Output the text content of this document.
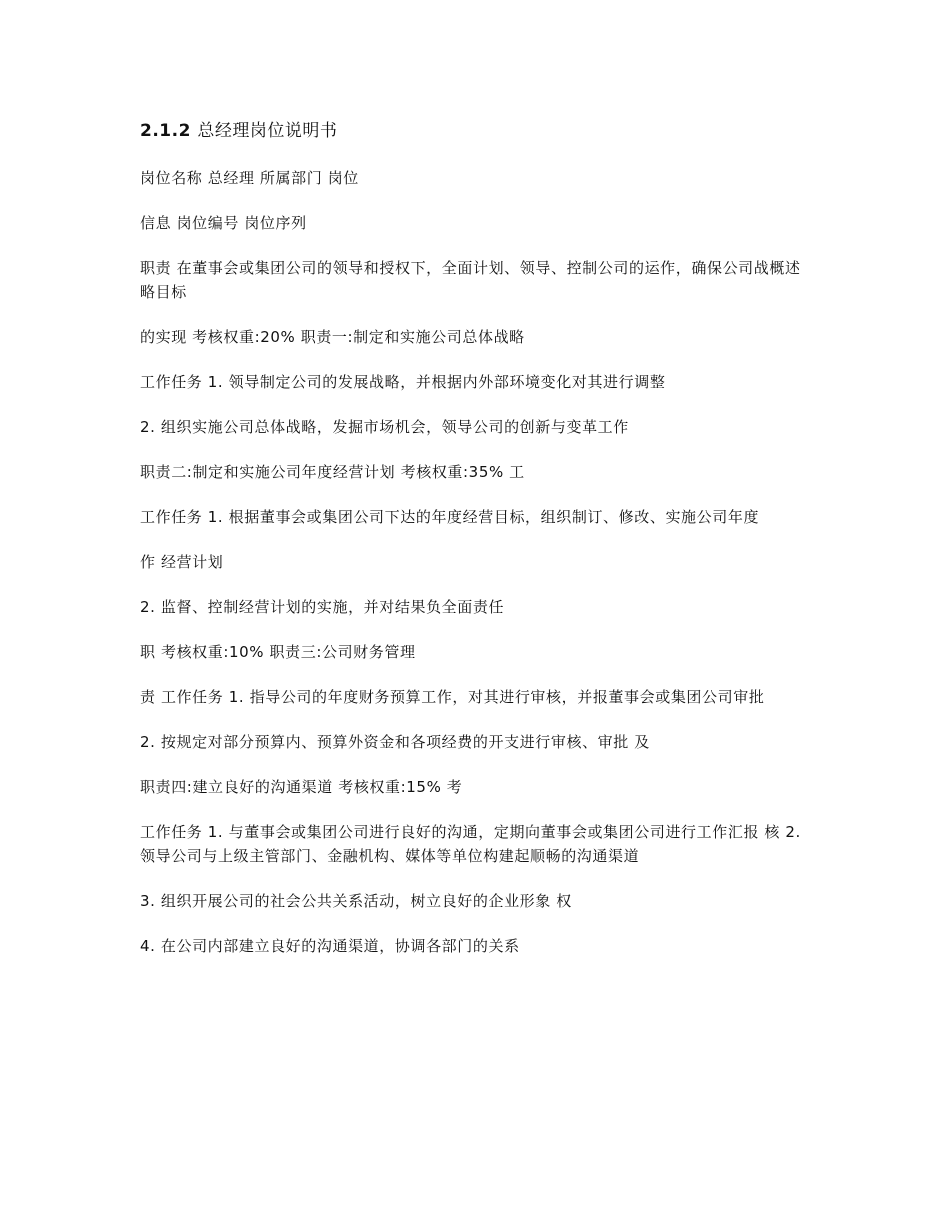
2.1.2 总经理岗位说明书

岗位名称 总经理 所属部门 岗位

信息 岗位编号 岗位序列

职责 在董事会或集团公司的领导和授权下，全面计划、领导、控制公司的运作，确保公司战概述 略目标

的实现 考核权重:20% 职责一:制定和实施公司总体战略

工作任务 1. 领导制定公司的发展战略，并根据内外部环境变化对其进行调整

2. 组织实施公司总体战略，发掘市场机会，领导公司的创新与变革工作

职责二:制定和实施公司年度经营计划 考核权重:35% 工

工作任务 1. 根据董事会或集团公司下达的年度经营目标，组织制订、修改、实施公司年度

作 经营计划

2. 监督、控制经营计划的实施，并对结果负全面责任

职 考核权重:10% 职责三:公司财务管理

责 工作任务 1. 指导公司的年度财务预算工作，对其进行审核，并报董事会或集团公司审批

2. 按规定对部分预算内、预算外资金和各项经费的开支进行审核、审批 及

职责四:建立良好的沟通渠道 考核权重:15% 考

工作任务 1. 与董事会或集团公司进行良好的沟通，定期向董事会或集团公司进行工作汇报 核 2. 领导公司与上级主管部门、金融机构、媒体等单位构建起顺畅的沟通渠道

3. 组织开展公司的社会公共关系活动，树立良好的企业形象 权

4. 在公司内部建立良好的沟通渠道，协调各部门的关系
